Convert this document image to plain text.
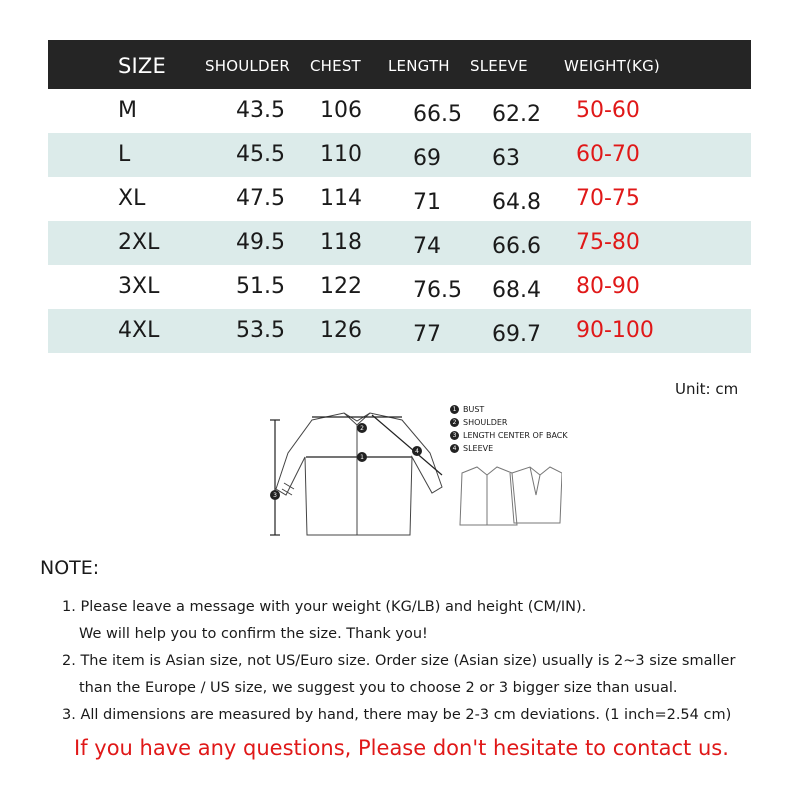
SIZE	SHOULDER CHEST LENGTH SLEEVE WEIGHT(KG)
M	43.5 106 66.5 62.2 50-60
L	45.5 110 69 63	60-70
XL	47.5 114 71 64.8 70-75
2XL	49.5 118 74 66.6 75-80
3XL	51.5 122 76.5 68.4 80-90
4XL	53.5 126 77 69.7 90-100
Unit: cm
3
1
2
4
1 BUST
2 SHOULDER
3 LENGTH CENTER OF BACK
4 SLEEVE
NOTE:

1. Please leave a message with your weight (KG/LB) and height (CM/IN).

We will help you to confirm the size. Thank you!

2. The item is Asian size, not US/Euro size. Order size (Asian size) usually is 2~3 size smaller

than the Europe / US size, we suggest you to choose 2 or 3 bigger size than usual.

3. All dimensions are measured by hand, there may be 2-3 cm deviations. (1 inch=2.54 cm)

If you have any questions, Please don't hesitate to contact us.
